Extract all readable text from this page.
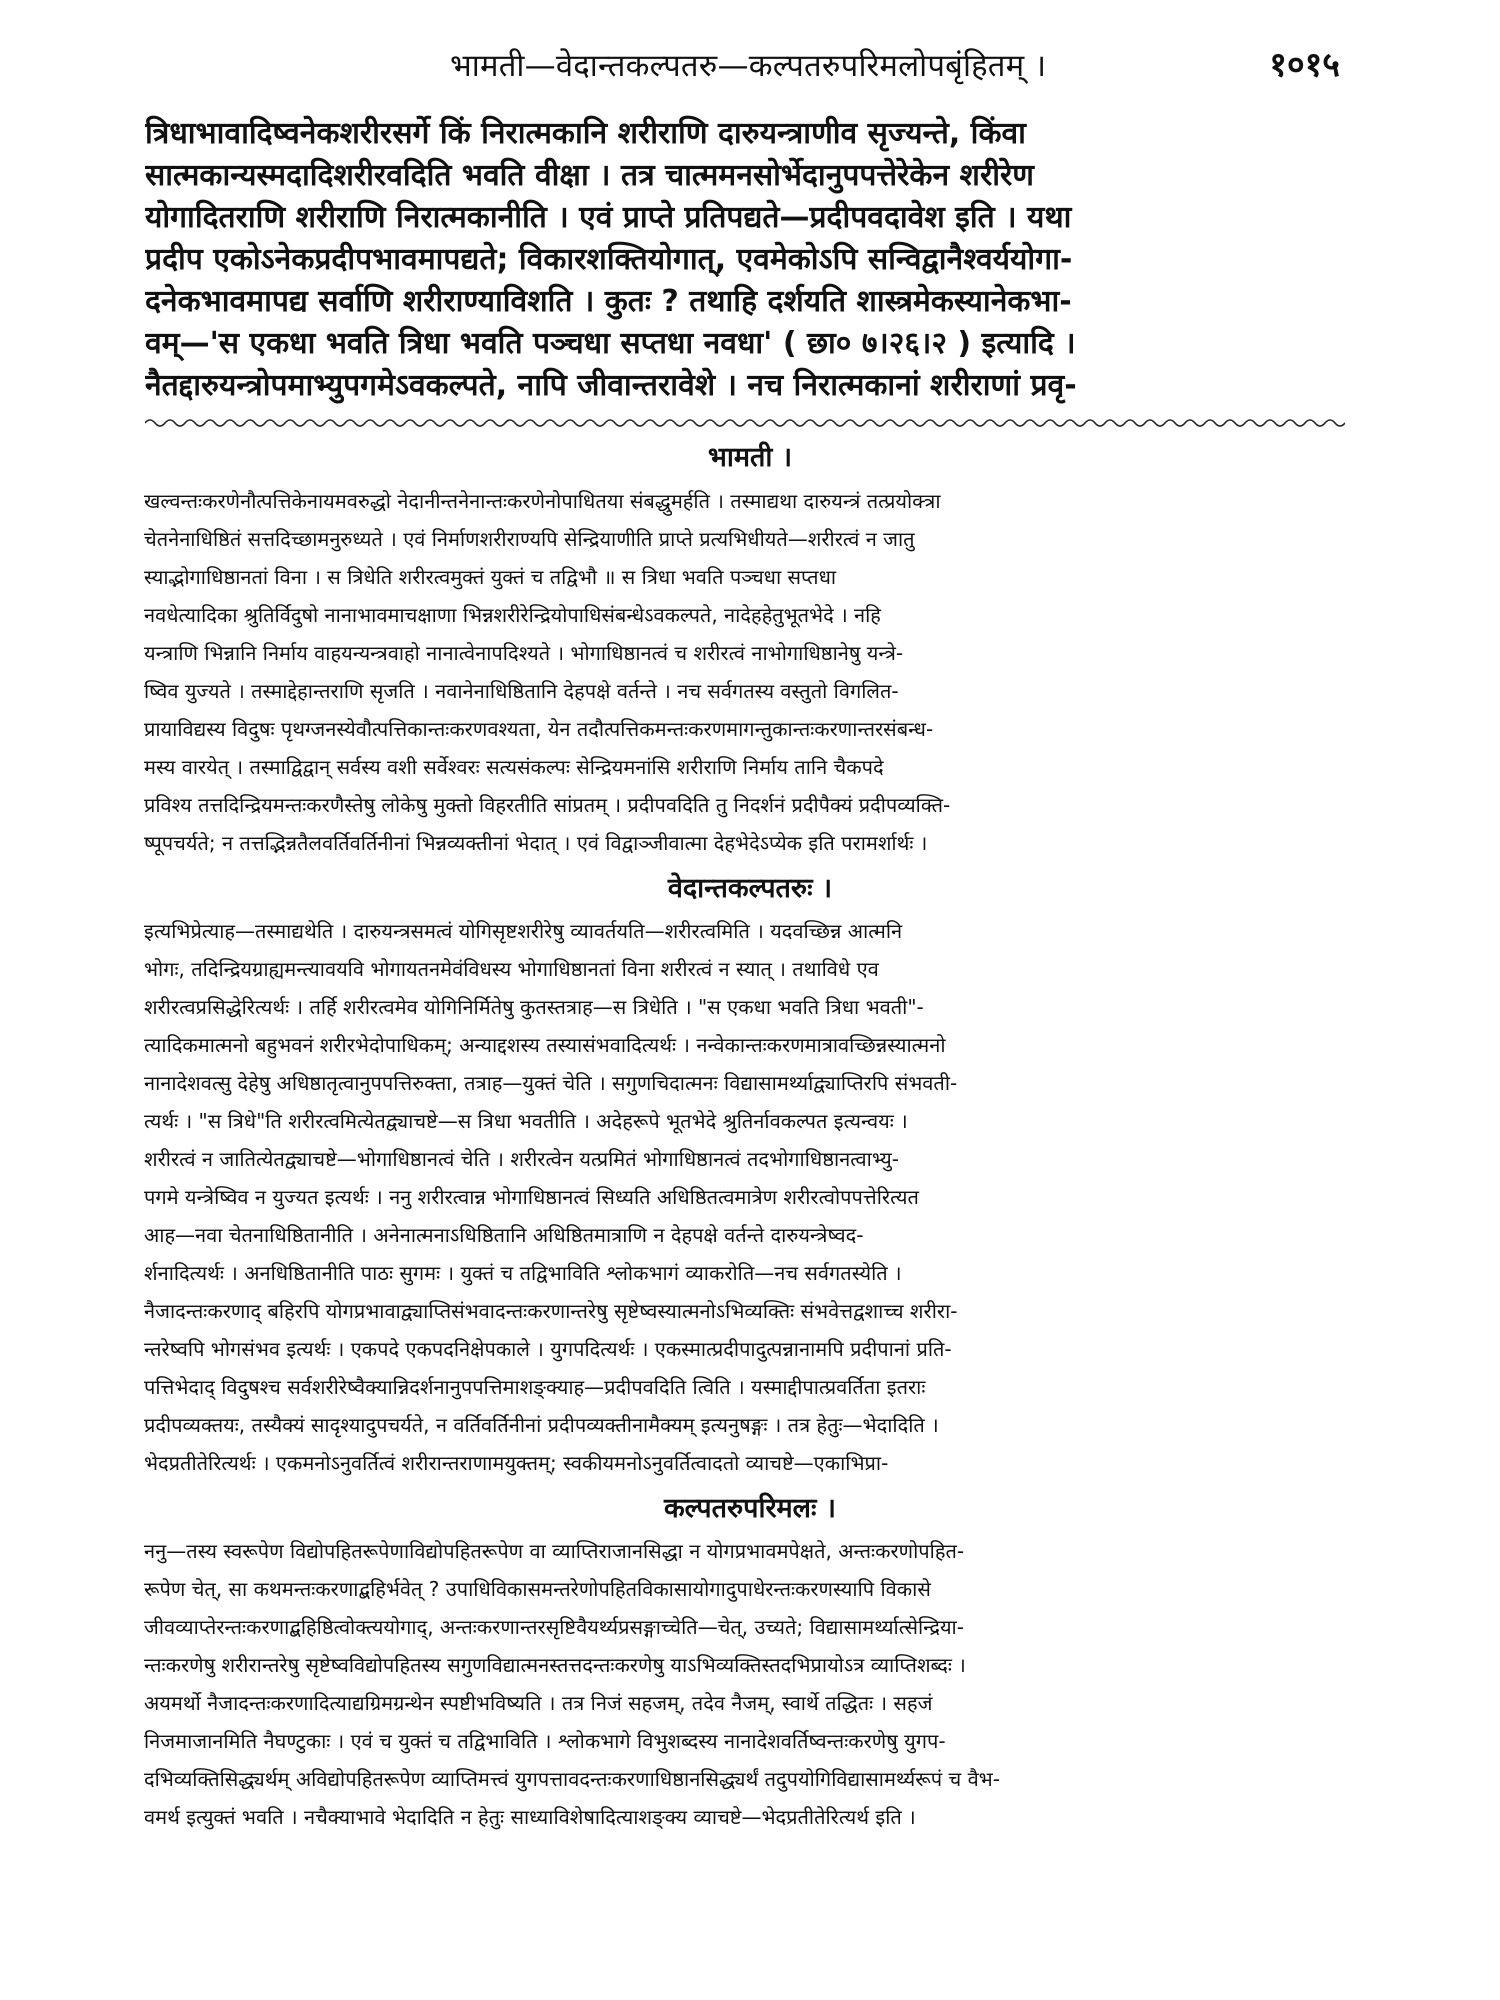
भामती—वेदान्तकल्पतरु—कल्पतरुपरिमलोपबृंहितम् ।	१०१५

त्रिधाभावादिष्वनेकशरीरसर्गे किं निरात्मकानि शरीराणि दारुयन्त्राणीव सृज्यन्ते, किंवा

सात्मकान्यस्मदादिशरीरवदिति भवति वीक्षा । तत्र चात्ममनसोर्भेदानुपपत्तेरेकेन शरीरेण

योगादितराणि शरीराणि निरात्मकानीति । एवं प्राप्ते प्रतिपद्यते—प्रदीपवदावेश इति । यथा

प्रदीप एकोऽनेकप्रदीपभावमापद्यते; विकारशक्तियोगात्, एवमेकोऽपि सन्विद्वानैश्वर्ययोगा-

दनेकभावमापद्य सर्वाणि शरीराण्याविशति । कुतः ? तथाहि दर्शयति शास्त्रमेकस्यानेकभा-

वम्—'स एकधा भवति त्रिधा भवति पञ्चधा सप्तधा नवधा' ( छा० ७।२६।२ ) इत्यादि ।

नैतद्दारुयन्त्रोपमाभ्युपगमेऽवकल्पते, नापि जीवान्तरावेशे । नच निरात्मकानां शरीराणां प्रवृ-

भामती ।

खल्वन्तःकरणेनौत्पत्तिकेनायमवरुद्धो नेदानीन्तनेनान्तःकरणेनोपाधितया संबद्धुमर्हति । तस्माद्यथा दारुयन्त्रं तत्प्रयोक्त्रा

चेतनेनाधिष्ठितं सत्तदिच्छामनुरुध्यते । एवं निर्माणशरीराण्यपि सेन्द्रियाणीति प्राप्ते प्रत्यभिधीयते—शरीरत्वं न जातु

स्याद्भोगाधिष्ठानतां विना । स त्रिधेति शरीरत्वमुक्तं युक्तं च तद्विभौ ॥ स त्रिधा भवति पञ्चधा सप्तधा

नवधेत्यादिका श्रुतिर्विदुषो नानाभावमाचक्षाणा भिन्नशरीरेन्द्रियोपाधिसंबन्धेऽवकल्पते, नादेहहेतुभूतभेदे । नहि

यन्त्राणि भिन्नानि निर्माय वाहयन्यन्त्रवाहो नानात्वेनापदिश्यते । भोगाधिष्ठानत्वं च शरीरत्वं नाभोगाधिष्ठानेषु यन्त्रे-

ष्विव युज्यते । तस्माद्देहान्तराणि सृजति । नवानेनाधिष्ठितानि देहपक्षे वर्तन्ते । नच सर्वगतस्य वस्तुतो विगलित-

प्रायाविद्यस्य विदुषः पृथग्जनस्येवौत्पत्तिकान्तःकरणवश्यता, येन तदौत्पत्तिकमन्तःकरणमागन्तुकान्तःकरणान्तरसंबन्ध-

मस्य वारयेत् । तस्माद्विद्वान् सर्वस्य वशी सर्वेश्वरः सत्यसंकल्पः सेन्द्रियमनांसि शरीराणि निर्माय तानि चैकपदे

प्रविश्य तत्तदिन्द्रियमन्तःकरणैस्तेषु लोकेषु मुक्तो विहरतीति सांप्रतम् । प्रदीपवदिति तु निदर्शनं प्रदीपैक्यं प्रदीपव्यक्ति-

ष्पूपचर्यते; न तत्तद्भिन्नतैलवर्तिवर्तिनीनां भिन्नव्यक्तीनां भेदात् । एवं विद्वाञ्जीवात्मा देहभेदेऽप्येक इति परामर्शार्थः ।

वेदान्तकल्पतरुः ।

इत्यभिप्रेत्याह—तस्माद्यथेति । दारुयन्त्रसमत्वं योगिसृष्टशरीरेषु व्यावर्तयति—शरीरत्वमिति । यदवच्छिन्न आत्मनि

भोगः, तदिन्द्रियग्राह्यमन्त्यावयवि भोगायतनमेवंविधस्य भोगाधिष्ठानतां विना शरीरत्वं न स्यात् । तथाविधे एव

शरीरत्वप्रसिद्धेरित्यर्थः । तर्हि शरीरत्वमेव योगिनिर्मितेषु कुतस्तत्राह—स त्रिधेति । "स एकधा भवति त्रिधा भवती"-

त्यादिकमात्मनो बहुभवनं शरीरभेदोपाधिकम्; अन्याद्दशस्य तस्यासंभवादित्यर्थः । नन्वेकान्तःकरणमात्रावच्छिन्नस्यात्मनो

नानादेशवत्सु देहेषु अधिष्ठातृत्वानुपपत्तिरुक्ता, तत्राह—युक्तं चेति । सगुणचिदात्मनः विद्यासामर्थ्याद्व्याप्तिरपि संभवती-

त्यर्थः । "स त्रिधे"ति शरीरत्वमित्येतद्व्याचष्टे—स त्रिधा भवतीति । अदेहरूपे भूतभेदे श्रुतिर्नावकल्पत इत्यन्वयः ।

शरीरत्वं न जातित्येतद्व्याचष्टे—भोगाधिष्ठानत्वं चेति । शरीरत्वेन यत्प्रमितं भोगाधिष्ठानत्वं तदभोगाधिष्ठानत्वाभ्यु-

पगमे यन्त्रेष्विव न युज्यत इत्यर्थः । ननु शरीरत्वान्न भोगाधिष्ठानत्वं सिध्यति अधिष्ठितत्वमात्रेण शरीरत्वोपपत्तेरित्यत

आह—नवा चेतनाधिष्ठितानीति । अनेनात्मनाऽधिष्ठितानि अधिष्ठितमात्राणि न देहपक्षे वर्तन्ते दारुयन्त्रेष्वद-

र्शनादित्यर्थः । अनधिष्ठितानीति पाठः सुगमः । युक्तं च तद्विभाविति श्लोकभागं व्याकरोति—नच सर्वगतस्येति ।

नैजादन्तःकरणाद् बहिरपि योगप्रभावाद्व्याप्तिसंभवादन्तःकरणान्तरेषु सृष्टेष्वस्यात्मनोऽभिव्यक्तिः संभवेत्तद्वशाच्च शरीरा-

न्तरेष्वपि भोगसंभव इत्यर्थः । एकपदे एकपदनिक्षेपकाले । युगपदित्यर्थः । एकस्मात्प्रदीपादुत्पन्नानामपि प्रदीपानां प्रति-

पत्तिभेदाद् विदुषश्च सर्वशरीरेष्वैक्यान्निदर्शनानुपपत्तिमाशङ्क्याह—प्रदीपवदिति त्विति । यस्माद्दीपात्प्रवर्तिता इतराः

प्रदीपव्यक्तयः, तस्यैक्यं सादृश्यादुपचर्यते, न वर्तिवर्तिनीनां प्रदीपव्यक्तीनामैक्यम् इत्यनुषङ्गः । तत्र हेतुः—भेदादिति ।

भेदप्रतीतेरित्यर्थः । एकमनोऽनुवर्तित्वं शरीरान्तराणामयुक्तम्; स्वकीयमनोऽनुवर्तित्वादतो व्याचष्टे—एकाभिप्रा-

कल्पतरुपरिमलः ।

ननु—तस्य स्वरूपेण विद्योपहितरूपेणाविद्योपहितरूपेण वा व्याप्तिराजानसिद्धा न योगप्रभावमपेक्षते, अन्तःकरणोपहित-

रूपेण चेत्, सा कथमन्तःकरणाद्बहिर्भवेत् ? उपाधिविकासमन्तरेणोपहितविकासायोगादुपाधेरन्तःकरणस्यापि विकासे

जीवव्याप्तेरन्तःकरणाद्बहिष्ठित्वोक्त्ययोगाद्, अन्तःकरणान्तरसृष्टिवैयर्थ्यप्रसङ्गाच्चेति—चेत्, उच्यते; विद्यासामर्थ्यात्सेन्द्रिया-

न्तःकरणेषु शरीरान्तरेषु सृष्टेष्वविद्योपहितस्य सगुणविद्यात्मनस्तत्तदन्तःकरणेषु याऽभिव्यक्तिस्तदभिप्रायोऽत्र व्याप्तिशब्दः ।

अयमर्थो नैजादन्तःकरणादित्याद्यग्रिमग्रन्थेन स्पष्टीभविष्यति । तत्र निजं सहजम्, तदेव नैजम्, स्वार्थे तद्धितः । सहजं

निजमाजानमिति नैघण्टुकाः । एवं च युक्तं च तद्विभाविति । श्लोकभागे विभुशब्दस्य नानादेशवर्तिष्वन्तःकरणेषु युगप-

दभिव्यक्तिसिद्ध्यर्थम् अविद्योपहितरूपेण व्याप्तिमत्त्वं युगपत्तावदन्तःकरणाधिष्ठानसिद्ध्यर्थं तदुपयोगिविद्यासामर्थ्यरूपं च वैभ-

वमर्थ इत्युक्तं भवति । नचैक्याभावे भेदादिति न हेतुः साध्याविशेषादित्याशङ्क्य व्याचष्टे—भेदप्रतीतेरित्यर्थ इति ।
